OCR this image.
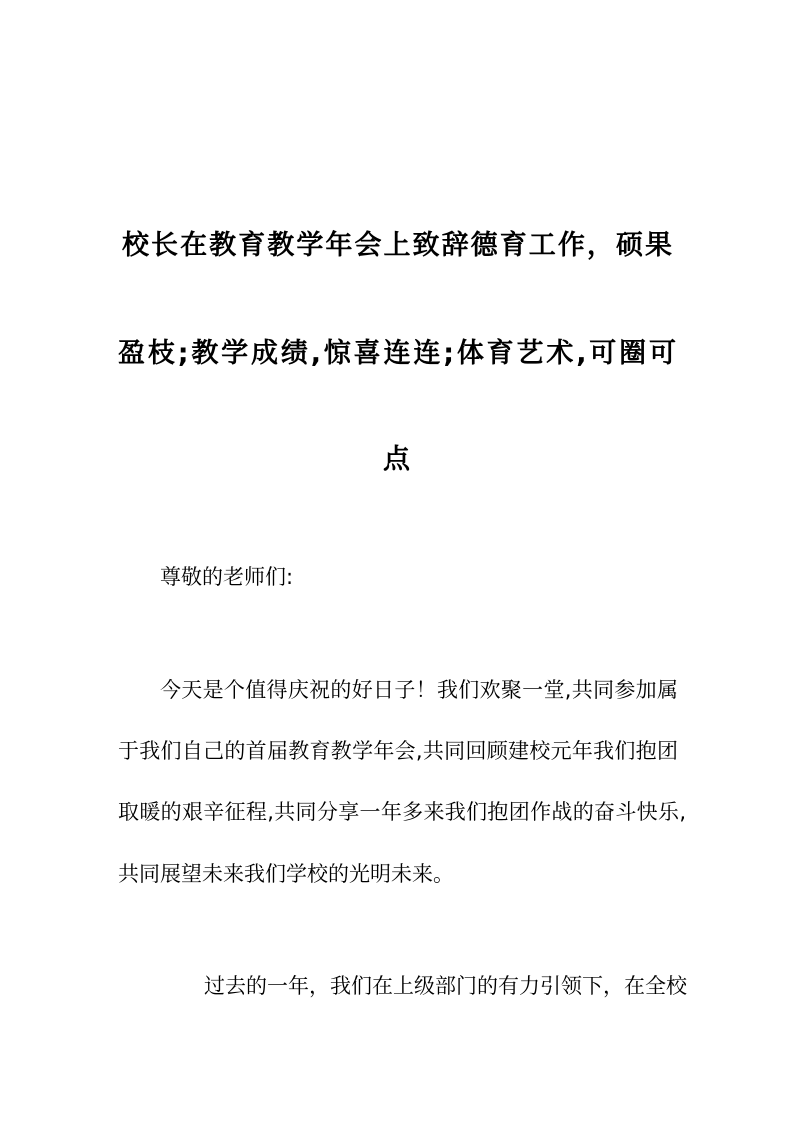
校长在教育教学年会上致辞德育工作，硕果
盈枝;教学成绩,惊喜连连;体育艺术,可圈可
点
尊敬的老师们:
今天是个值得庆祝的好日子！我们欢聚一堂,共同参加属
于我们自己的首届教育教学年会,共同回顾建校元年我们抱团
取暖的艰辛征程,共同分享一年多来我们抱团作战的奋斗快乐,
共同展望未来我们学校的光明未来。
过去的一年，我们在上级部门的有力引领下，在全校
